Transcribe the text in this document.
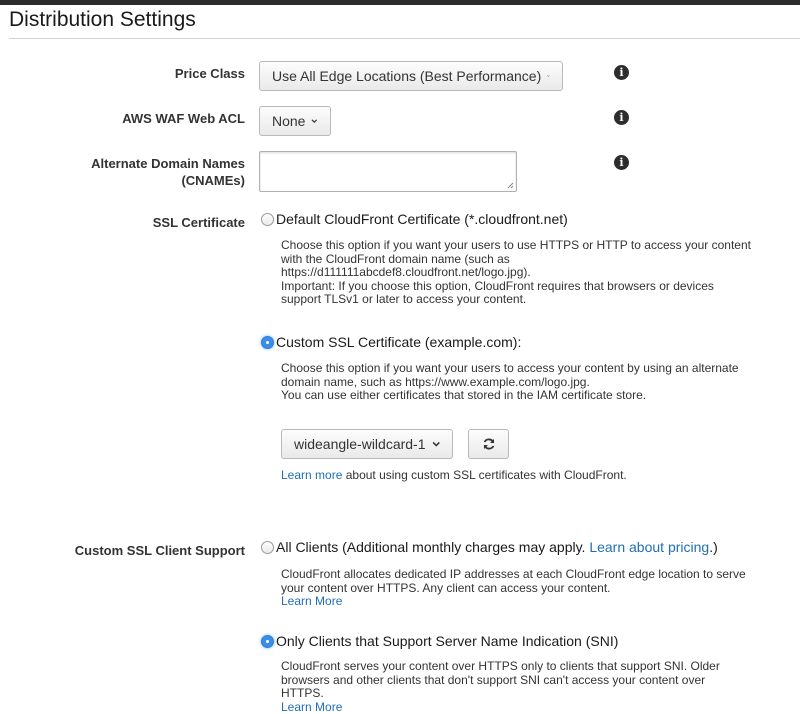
Distribution Settings
Price Class Use All Edge Locations (Best Performance)	i
AWS WAF Web ACL None	i
Alternate Domain Names
(CNAMEs)
i
SSL Certificate Default CloudFront Certificate (*.cloudfront.net)
Choose this option if you want your users to use HTTPS or HTTP to access your content
with the CloudFront domain name (such as
https://d111111abcdef8.cloudfront.net/logo.jpg).
Important: If you choose this option, CloudFront requires that browsers or devices
support TLSv1 or later to access your content.
Custom SSL Certificate (example.com):
Choose this option if you want your users to access your content by using an alternate
domain name, such as https://www.example.com/logo.jpg.
You can use either certificates that stored in the IAM certificate store.
wideangle-wildcard-1
Learn more about using custom SSL certificates with CloudFront.
Custom SSL Client Support All Clients (Additional monthly charges may apply. Learn about pricing.)
CloudFront allocates dedicated IP addresses at each CloudFront edge location to serve
your content over HTTPS. Any client can access your content.
Learn More
Only Clients that Support Server Name Indication (SNI)
CloudFront serves your content over HTTPS only to clients that support SNI. Older
browsers and other clients that don't support SNI can't access your content over
HTTPS.
Learn More
